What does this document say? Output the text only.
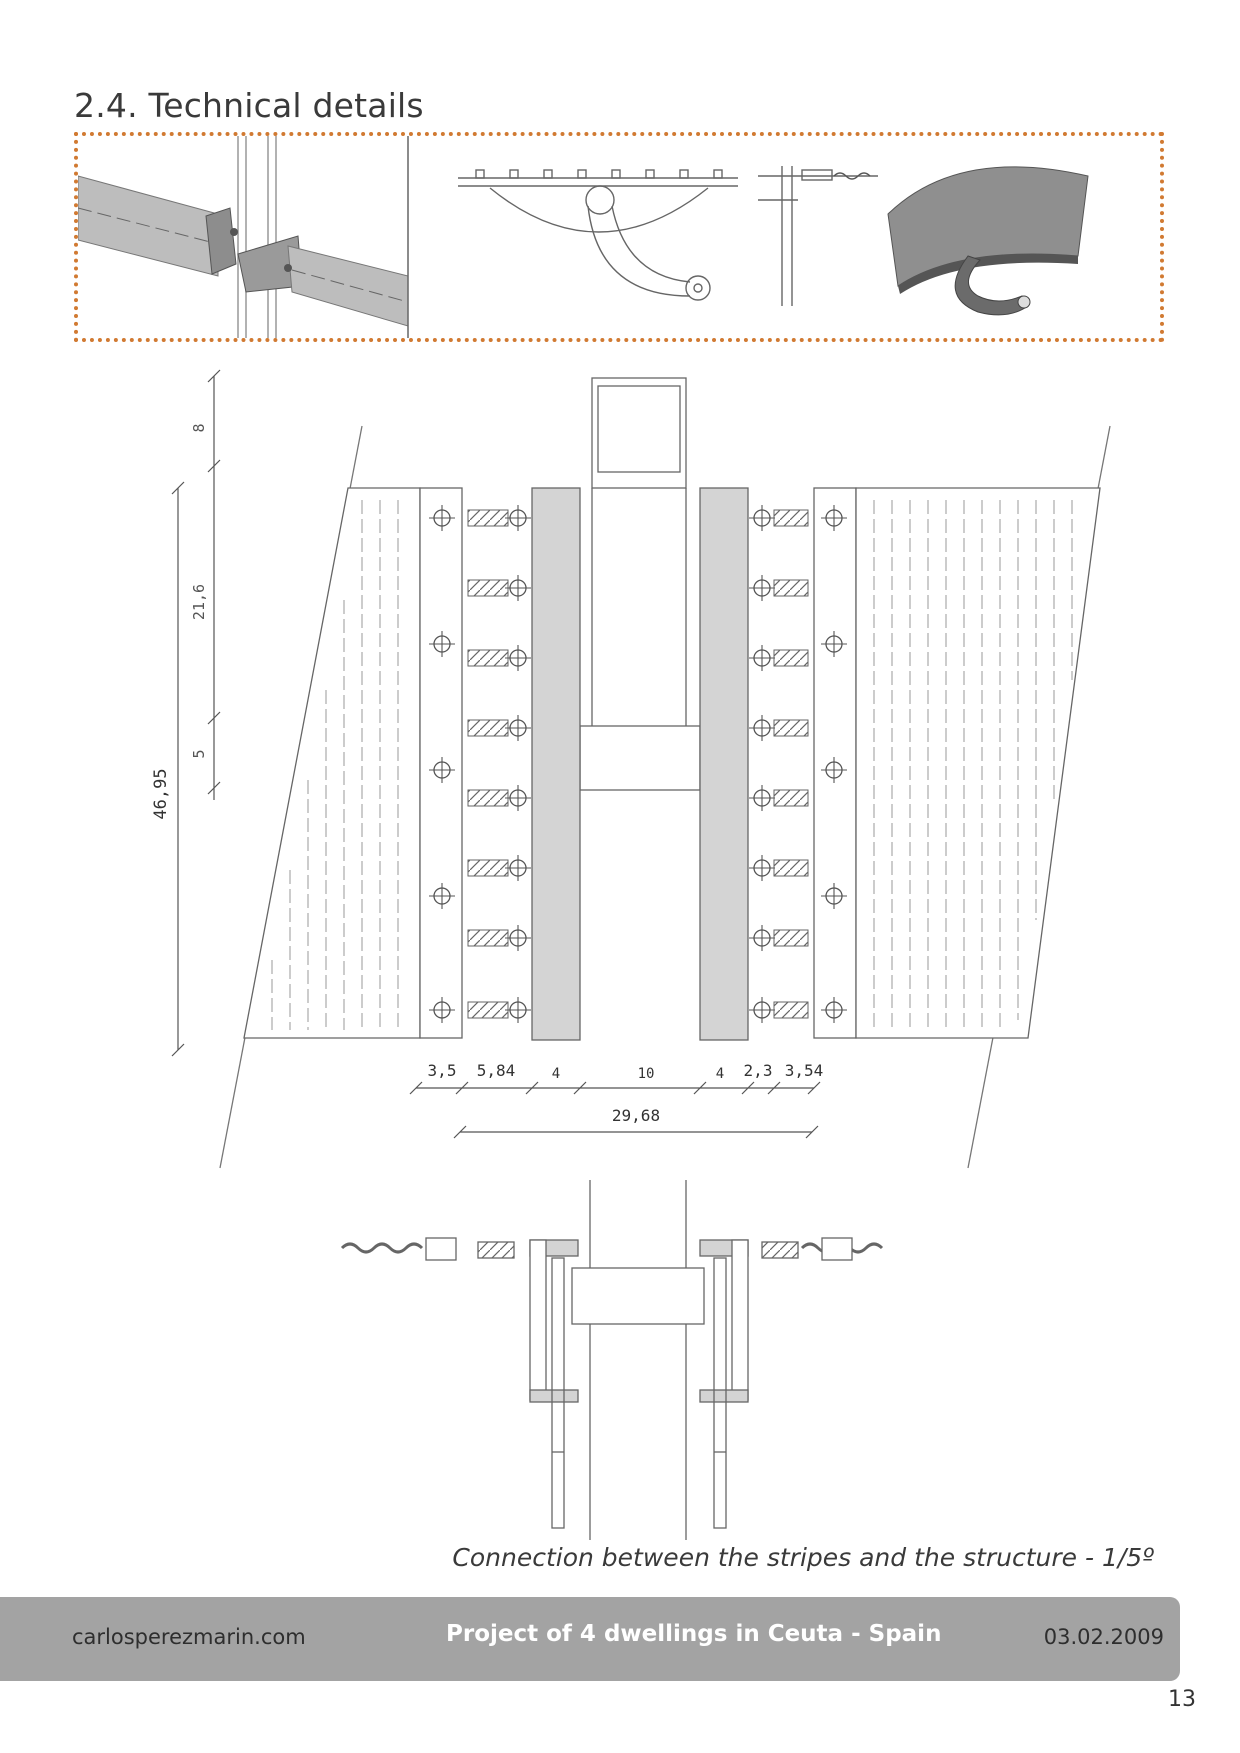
2.4. Technical details
8
21,6
5
46,95
3,5 5,84	4	10	4 2,3 3,54
29,68
Connection between the stripes and the structure - 1/5º
carlosperezmarin.com	Project of 4 dwellings in Ceuta - Spain	03.02.2009
13
